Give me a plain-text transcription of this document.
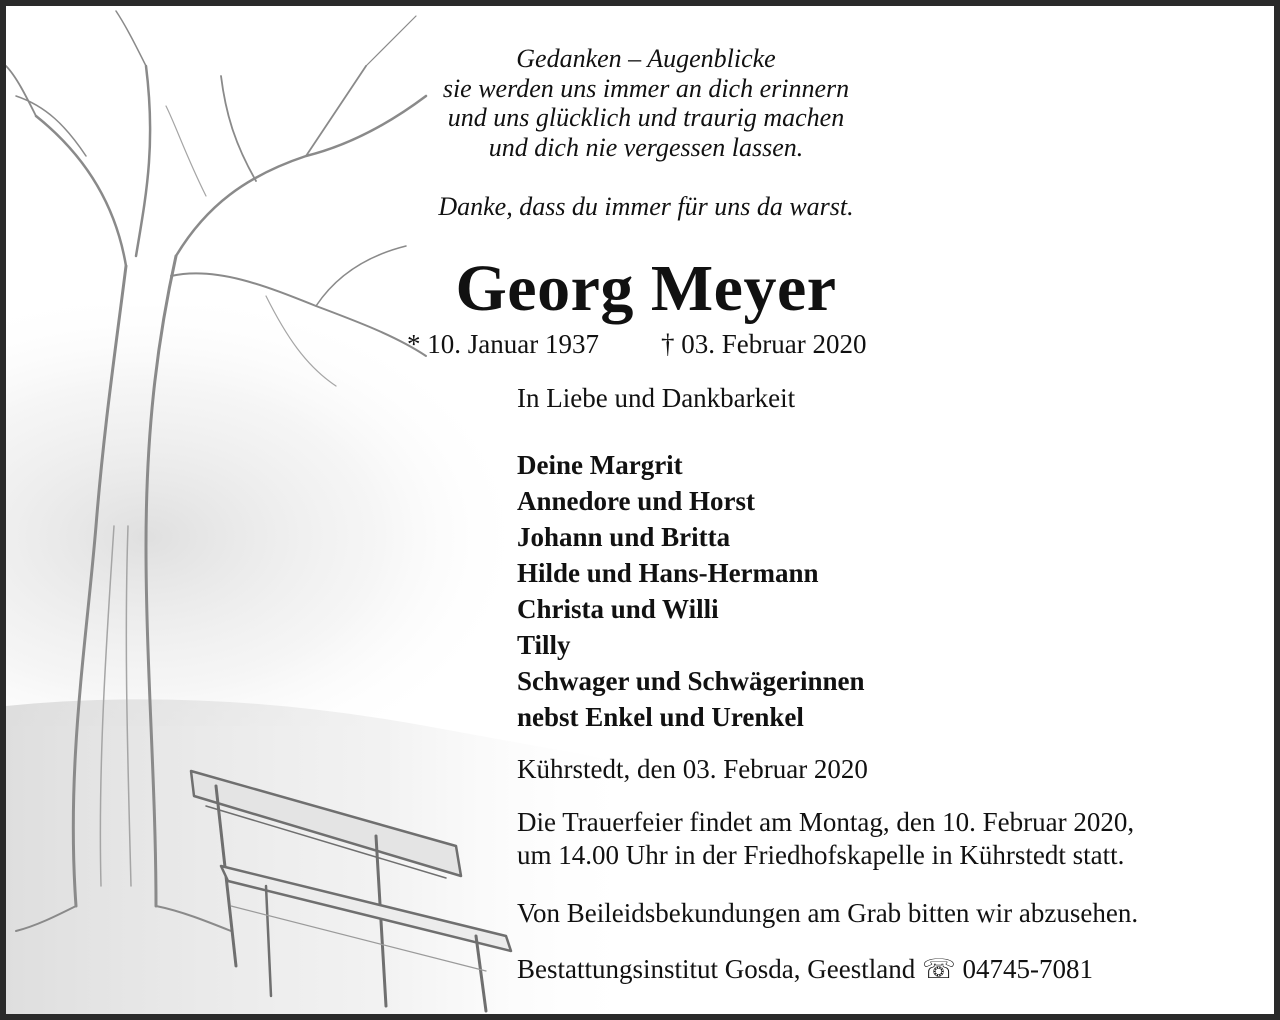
Gedanken – Augenblicke
sie werden uns immer an dich erinnern
und uns glücklich und traurig machen
und dich nie vergessen lassen.
Danke, dass du immer für uns da warst.
Georg Meyer
* 10. Januar 1937 † 03. Februar 2020
In Liebe und Dankbarkeit
Deine Margrit
Annedore und Horst
Johann und Britta
Hilde und Hans-Hermann
Christa und Willi
Tilly
Schwager und Schwägerinnen
nebst Enkel und Urenkel
Kührstedt, den 03. Februar 2020
Die Trauerfeier findet am Montag, den 10. Februar 2020,
um 14.00 Uhr in der Friedhofskapelle in Kührstedt statt.
Von Beileidsbekundungen am Grab bitten wir abzusehen.
Bestattungsinstitut Gosda, Geestland ☏ 04745-7081
